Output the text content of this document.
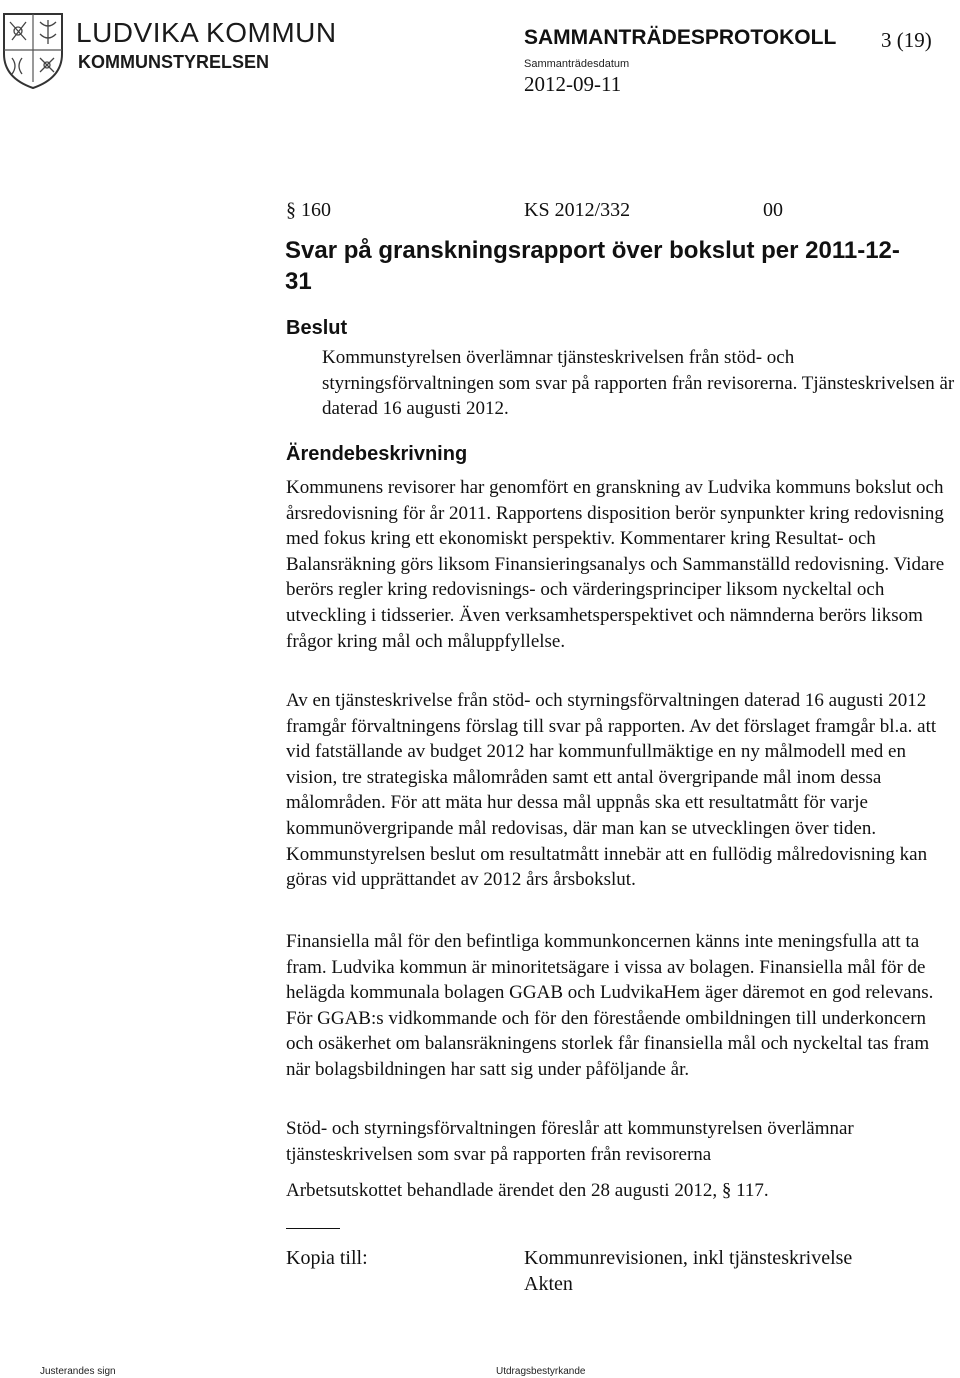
LUDVIKA KOMMUN
KOMMUNSTYRELSEN
SAMMANTRÄDESPROTOKOLL 3 (19)
Sammanträdesdatum
2012-09-11
§ 160	KS 2012/332	00
Svar på granskningsrapport över bokslut per 2011-12-31
Beslut

Kommunstyrelsen överlämnar tjänsteskrivelsen från stöd- och styrningsförvaltningen som svar på rapporten från revisorerna. Tjänsteskrivelsen är daterad 16 augusti 2012.

Ärendebeskrivning

Kommunens revisorer har genomfört en granskning av Ludvika kommuns bokslut och årsredovisning för år 2011. Rapportens disposition berör synpunkter kring redovisning med fokus kring ett ekonomiskt perspektiv. Kommentarer kring Resultat- och Balansräkning görs liksom Finansieringsanalys och Sammanställd redovisning. Vidare berörs regler kring redovisnings- och värderingsprinciper liksom nyckeltal och utveckling i tidsserier. Även verksamhetsperspektivet och nämnderna berörs liksom frågor kring mål och måluppfyllelse.

Av en tjänsteskrivelse från stöd- och styrningsförvaltningen daterad 16 augusti 2012 framgår förvaltningens förslag till svar på rapporten. Av det förslaget framgår bl.a. att vid fatställande av budget 2012 har kommunfullmäktige en ny målmodell med en vision, tre strategiska målområden samt ett antal övergripande mål inom dessa målområden. För att mäta hur dessa mål uppnås ska ett resultatmått för varje kommunövergripande mål redovisas, där man kan se utvecklingen över tiden. Kommunstyrelsen beslut om resultatmått innebär att en fullödig målredovisning kan göras vid upprättandet av 2012 års årsbokslut.

Finansiella mål för den befintliga kommunkoncernen känns inte meningsfulla att ta fram. Ludvika kommun är minoritetsägare i vissa av bolagen. Finansiella mål för de helägda kommunala bolagen GGAB och LudvikaHem äger däremot en god relevans. För GGAB:s vidkommande och för den förestående ombildningen till underkoncern och osäkerhet om balansräkningens storlek får finansiella mål och nyckeltal tas fram när bolagsbildningen har satt sig under påföljande år.

Stöd- och styrningsförvaltningen föreslår att kommunstyrelsen överlämnar tjänsteskrivelsen som svar på rapporten från revisorerna

Arbetsutskottet behandlade ärendet den 28 augusti 2012, § 117.

Kopia till:	Kommunrevisionen, inkl tjänsteskrivelse
Akten
Justerandes sign	Utdragsbestyrkande
